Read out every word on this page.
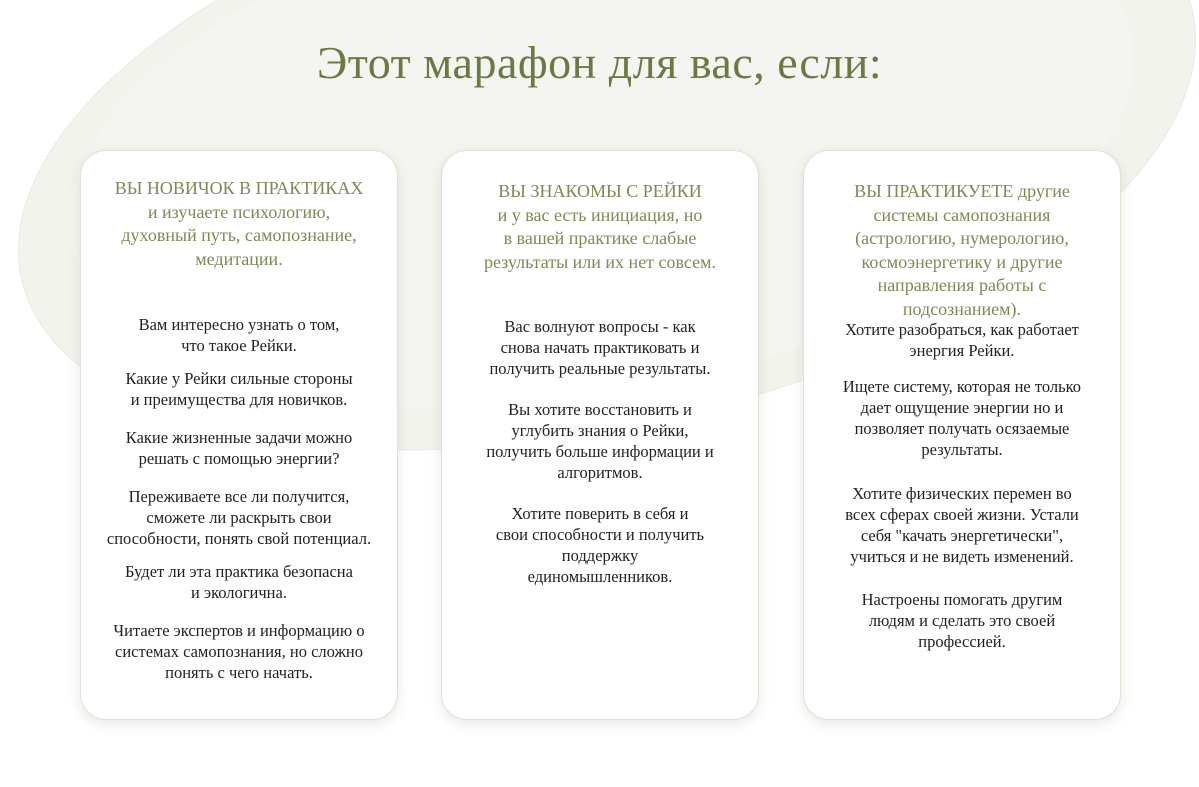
Этот марафон для вас, если:
ВЫ НОВИЧОК В ПРАКТИКАХ
и изучаете психологию,
духовный путь, самопознание,
медитации.
Вам интересно узнать о том,
что такое Рейки.
Какие у Рейки сильные стороны
и преимущества для новичков.
Какие жизненные задачи можно
решать с помощью энергии?
Переживаете все ли получится,
сможете ли раскрыть свои
способности, понять свой потенциал.
Будет ли эта практика безопасна
и экологична.
Читаете экспертов и информацию о
системах самопознания, но сложно
понять с чего начать.
ВЫ ЗНАКОМЫ С РЕЙКИ
и у вас есть инициация, но
в вашей практике слабые
результаты или их нет совсем.
Вас волнуют вопросы - как
снова начать практиковать и
получить реальные результаты.
Вы хотите восстановить и
углубить знания о Рейки,
получить больше информации и
алгоритмов.
Хотите поверить в себя и
свои способности и получить
поддержку
единомышленников.
ВЫ ПРАКТИКУЕТЕ другие
системы самопознания
(астрологию, нумерологию,
космоэнергетику и другие
направления работы с
подсознанием).
Хотите разобраться, как работает
энергия Рейки.
Ищете систему, которая не только
дает ощущение энергии но и
позволяет получать осязаемые
результаты.
Хотите физических перемен во
всех сферах своей жизни. Устали
себя "качать энергетически",
учиться и не видеть изменений.
Настроены помогать другим
людям и сделать это своей
профессией.
